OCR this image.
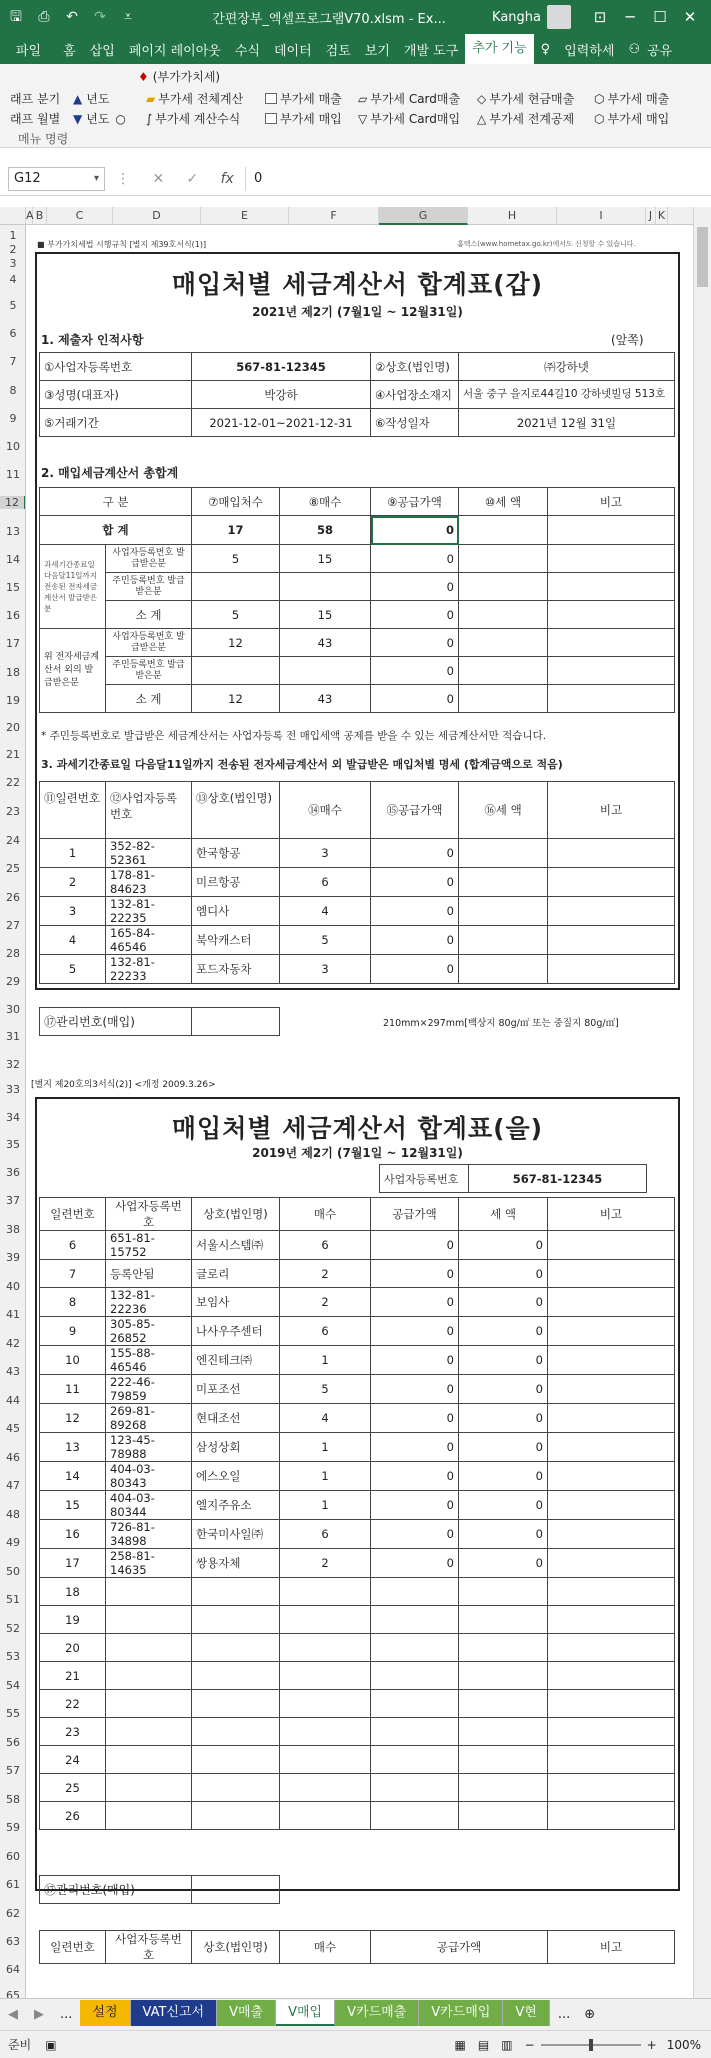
🖫	⎙	↶ ↷	⩡	간편장부_엑셀프로그램V70.xlsm - Ex...	Kangha	⊡	─	☐	✕
파일	홈	삽입	페이지 레이아웃	수식	데이터	검토	보기	개발 도구	추가 기능	♀	입력하세	⚇ 공유
♦ (부가가치세)
래프 분기 ▲ 년도	▰ 부가세 전체계산	부가세 매출 ▱ 부가세 Card매출 ◇ 부가세 현금매출 ⬡ 부가세 매출
래프 월별 ▼ 년도 ○ ∫ 부가세 계산수식	부가세 매입 ▽ 부가세 Card매입 △ 부가세 전계공제 ⬡ 부가세 매입
메뉴 명령
G12 ▾	⋮ ✕ ✓ fx	0
A B	C	D	E	F	G	H	I	J K
1
2
3
4
5
6
7
8
9
10
11
12
13
14
15
16
17
18
19
20
21
22
23
24
25
26
27
28
29
30
31
32
33
34
35
36
37
38
39
40
41
42
43
44
45
46
47
48
49
50
51
52
53
54
55
56
57
58
59
60
61
62
63
64
65
■ 부가가치세법 시행규칙 [별지 제39호서식(1)]	홈택스(www.hometax.go.kr)에서도 신청할 수 있습니다.
매입처별 세금계산서 합계표(갑)
2021년 제2기 (7월1일 ~ 12월31일)
1. 제출자 인적사항	(앞쪽)
①사업자등록번호	567-81-12345	②상호(법인명)	㈜강하넷
③성명(대표자)	박강하	④사업장소재지	서울 중구 을지로44길10 강하넷빌딩 513호
⑤거래기간	2021-12-01~2021-12-31	⑥작성일자	2021년 12월 31일
2. 매입세금계산서 총합계
구 분		⑦매입처수	⑧매수	⑨공급가액	⑩세 액	비고
합 계		17	58	0		
과세기간종료일 다음달11일까지 전송된 전자세금계산서 발급받은분	사업자등록번호 발급받은분	5	15	0		
	주민등록번호 발급받은분			0		
	소 계	5	15	0		
위 전자세금계산서 외의 발급받은분	사업자등록번호 발급받은분	12	43	0		
	주민등록번호 발급받은분			0		
	소 계	12	43	0		
* 주민등록번호로 발급받은 세금계산서는 사업자등록 전 매입세액 공제를 받을 수 있는 세금계산서만 적습니다.
3. 과세기간종료일 다음달11일까지 전송된 전자세금계산서 외 발급받은 매입처별 명세 (합계금액으로 적음)
⑪일련번호	⑫사업자등록번호	⑬상호(법인명)	⑭매수	⑮공급가액	⑯세 액	비고
1	352-82-52361	한국항공	3	0		
2	178-81-84623	미르항공	6	0		
3	132-81-22235	엠디사	4	0		
4	165-84-46546	북악캐스터	5	0		
5	132-81-22233	포드자동차	3	0		
⑰관리번호(매입)		210mm×297mm[백상지 80g/㎡ 또는 중질지 80g/㎡]
[별지 제20호의3서식(2)] <개정 2009.3.26>
매입처별 세금계산서 합계표(을)
2019년 제2기 (7월1일 ~ 12월31일)
사업자등록번호	567-81-12345
일련번호	사업자등록번호	상호(법인명)	매수	공급가액	세 액	비고
6	651-81-15752	서울시스템㈜	6	0	0	
7	등록안됨	글로리	2	0	0	
8	132-81-22236	보임사	2	0	0	
9	305-85-26852	나사우주센터	6	0	0	
10	155-88-46546	엔진테크㈜	1	0	0	
11	222-46-79859	미포조선	5	0	0	
12	269-81-89268	현대조선	4	0	0	
13	123-45-78988	삼성상회	1	0	0	
14	404-03-80343	에스오일	1	0	0	
15	404-03-80344	엘지주유소	1	0	0	
16	726-81-34898	한국미사일㈜	6	0	0	
17	258-81-14635	쌍용자체	2	0	0	
18						
19						
20						
21						
22						
23						
24						
25						
26						
⑰관리번호(매입)	
일련번호	사업자등록번호	상호(법인명)	매수	공급가액	비고
◀	▶	...	설정	VAT신고서	V매출	V매입	V카드매출	V카드매입	V현	...	⊕
준비 ▣	▦ ▤ ▥ −	+ 100%
